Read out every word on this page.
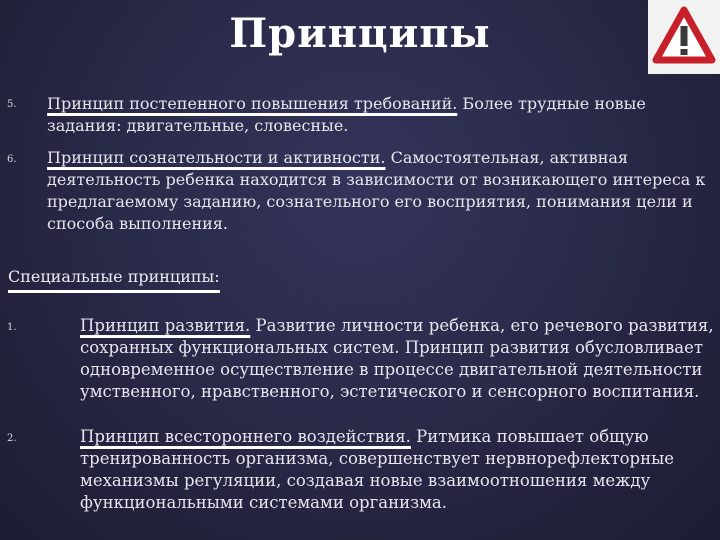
Принципы
5. Принцип постепенного повышения требований. Более трудные новые задания: двигательные, словесные.

6. Принцип сознательности и активности. Самостоятельная, активная деятельность ребенка находится в зависимости от возникающего интереса к предлагаемому заданию, сознательного его восприятия, понимания цели и способа выполнения.

Специальные принципы:
1.	Принцип развития. Развитие личности ребенка, его речевого развития, сохранных функциональных систем. Принцип развития обусловливает одновременное осуществление в процессе двигательной деятельности умственного, нравственного, эстетического и сенсорного воспитания.

2.	Принцип всестороннего воздействия. Ритмика повышает общую тренированность организма, совершенствует нервнорефлекторные механизмы регуляции, создавая новые взаимоотношения между функциональными системами организма.
